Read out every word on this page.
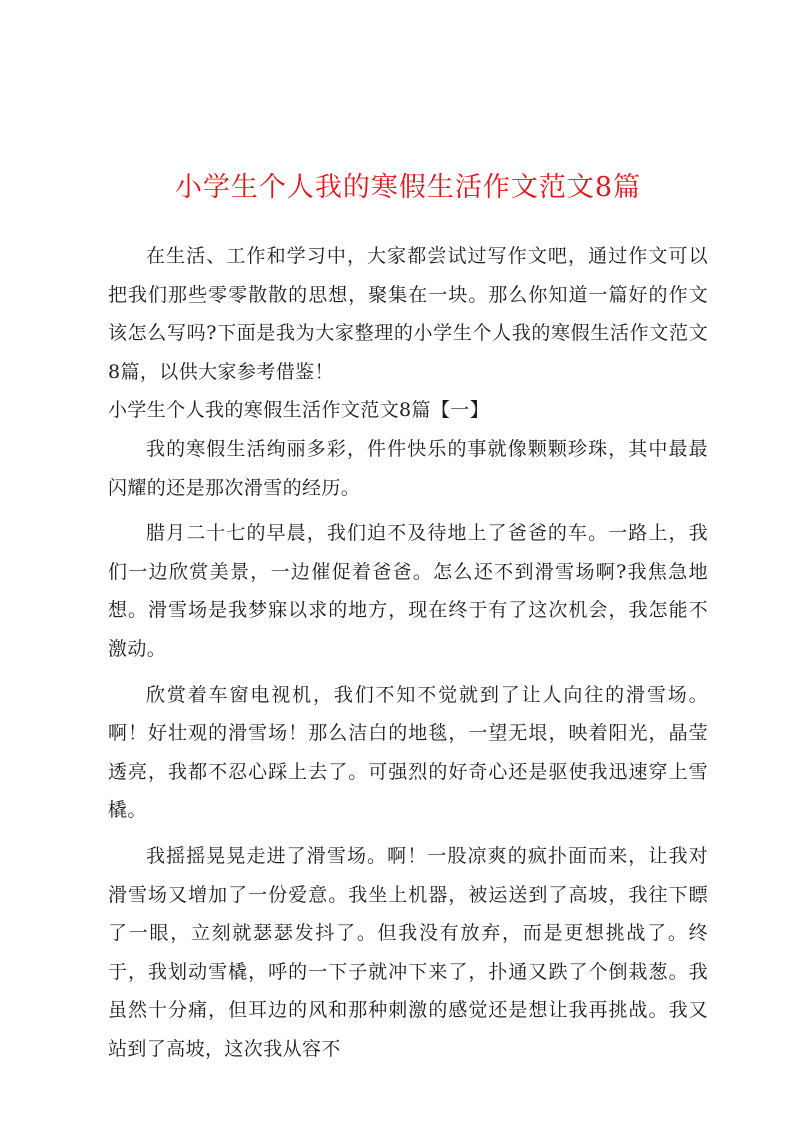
小学生个人我的寒假生活作文范文8篇

在生活、工作和学习中，大家都尝试过写作文吧，通过作文可以把我们那些零零散散的思想，聚集在一块。那么你知道一篇好的作文该怎么写吗?下面是我为大家整理的小学生个人我的寒假生活作文范文8篇，以供大家参考借鉴！

小学生个人我的寒假生活作文范文8篇【一】

我的寒假生活绚丽多彩，件件快乐的事就像颗颗珍珠，其中最最闪耀的还是那次滑雪的经历。

腊月二十七的早晨，我们迫不及待地上了爸爸的车。一路上，我们一边欣赏美景，一边催促着爸爸。怎么还不到滑雪场啊?我焦急地想。滑雪场是我梦寐以求的地方，现在终于有了这次机会，我怎能不激动。

欣赏着车窗电视机，我们不知不觉就到了让人向往的滑雪场。啊！好壮观的滑雪场！那么洁白的地毯，一望无垠，映着阳光，晶莹透亮，我都不忍心踩上去了。可强烈的好奇心还是驱使我迅速穿上雪橇。

我摇摇晃晃走进了滑雪场。啊！一股凉爽的疯扑面而来，让我对滑雪场又增加了一份爱意。我坐上机器，被运送到了高坡，我往下瞟了一眼，立刻就瑟瑟发抖了。但我没有放弃，而是更想挑战了。终于，我划动雪橇，呼的一下子就冲下来了，扑通又跌了个倒栽葱。我虽然十分痛，但耳边的风和那种刺激的感觉还是想让我再挑战。我又站到了高坡，这次我从容不
